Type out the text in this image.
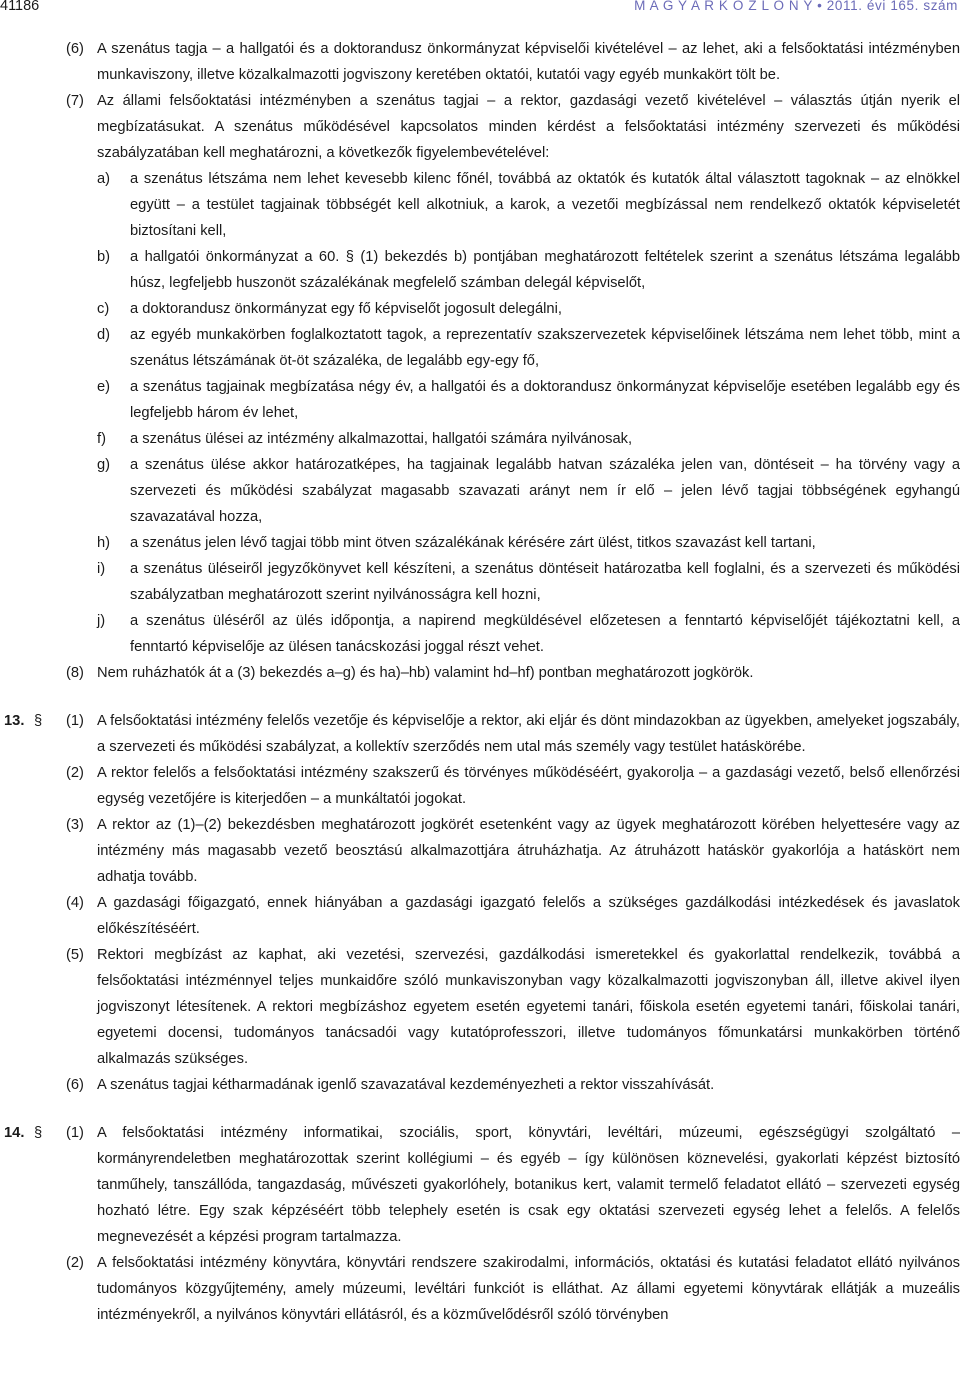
41186	M A G Y A R K Ö Z L Ö N Y • 2011. évi 165. szám
(6) A szenátus tagja – a hallgatói és a doktorandusz önkormányzat képviselői kivételével – az lehet, aki a felsőoktatási intézményben munkaviszony, illetve közalkalmazotti jogviszony keretében oktatói, kutatói vagy egyéb munkakört tölt be.
(7) Az állami felsőoktatási intézményben a szenátus tagjai – a rektor, gazdasági vezető kivételével – választás útján nyerik el megbízatásukat. A szenátus működésével kapcsolatos minden kérdést a felsőoktatási intézmény szervezeti és működési szabályzatában kell meghatározni, a következők figyelembevételével:
a) a szenátus létszáma nem lehet kevesebb kilenc főnél, továbbá az oktatók és kutatók által választott tagoknak – az elnökkel együtt – a testület tagjainak többségét kell alkotniuk, a karok, a vezetői megbízással nem rendelkező oktatók képviseletét biztosítani kell,
b) a hallgatói önkormányzat a 60. § (1) bekezdés b) pontjában meghatározott feltételek szerint a szenátus létszáma legalább húsz, legfeljebb huszonöt százalékának megfelelő számban delegál képviselőt,
c) a doktorandusz önkormányzat egy fő képviselőt jogosult delegálni,
d) az egyéb munkakörben foglalkoztatott tagok, a reprezentatív szakszervezetek képviselőinek létszáma nem lehet több, mint a szenátus létszámának öt-öt százaléka, de legalább egy-egy fő,
e) a szenátus tagjainak megbízatása négy év, a hallgatói és a doktorandusz önkormányzat képviselője esetében legalább egy és legfeljebb három év lehet,
f) a szenátus ülései az intézmény alkalmazottai, hallgatói számára nyilvánosak,
g) a szenátus ülése akkor határozatképes, ha tagjainak legalább hatvan százaléka jelen van, döntéseit – ha törvény vagy a szervezeti és működési szabályzat magasabb szavazati arányt nem ír elő – jelen lévő tagjai többségének egyhangú szavazatával hozza,
h) a szenátus jelen lévő tagjai több mint ötven százalékának kérésére zárt ülést, titkos szavazást kell tartani,
i) a szenátus üléseiről jegyzőkönyvet kell készíteni, a szenátus döntéseit határozatba kell foglalni, és a szervezeti és működési szabályzatban meghatározott szerint nyilvánosságra kell hozni,
j) a szenátus üléséről az ülés időpontja, a napirend megküldésével előzetesen a fenntartó képviselőjét tájékoztatni kell, a fenntartó képviselője az ülésen tanácskozási joggal részt vehet.
(8) Nem ruházhatók át a (3) bekezdés a–g) és ha)–hb) valamint hd–hf) pontban meghatározott jogkörök.
13. § (1) A felsőoktatási intézmény felelős vezetője és képviselője a rektor, aki eljár és dönt mindazokban az ügyekben, amelyeket jogszabály, a szervezeti és működési szabályzat, a kollektív szerződés nem utal más személy vagy testület hatáskörébe.
(2) A rektor felelős a felsőoktatási intézmény szakszerű és törvényes működéséért, gyakorolja – a gazdasági vezető, belső ellenőrzési egység vezetőjére is kiterjedően – a munkáltatói jogokat.
(3) A rektor az (1)–(2) bekezdésben meghatározott jogkörét esetenként vagy az ügyek meghatározott körében helyettesére vagy az intézmény más magasabb vezető beosztású alkalmazottjára átruházhatja. Az átruházott hatáskör gyakorlója a hatáskört nem adhatja tovább.
(4) A gazdasági főigazgató, ennek hiányában a gazdasági igazgató felelős a szükséges gazdálkodási intézkedések és javaslatok előkészítéséért.
(5) Rektori megbízást az kaphat, aki vezetési, szervezési, gazdálkodási ismeretekkel és gyakorlattal rendelkezik, továbbá a felsőoktatási intézménnyel teljes munkaidőre szóló munkaviszonyban vagy közalkalmazotti jogviszonyban áll, illetve akivel ilyen jogviszonyt létesítenek. A rektori megbízáshoz egyetem esetén egyetemi tanári, főiskola esetén egyetemi tanári, főiskolai tanári, egyetemi docensi, tudományos tanácsadói vagy kutatóprofesszori, illetve tudományos főmunkatársi munkakörben történő alkalmazás szükséges.
(6) A szenátus tagjai kétharmadának igenlő szavazatával kezdeményezheti a rektor visszahívását.
14. § (1) A felsőoktatási intézmény informatikai, szociális, sport, könyvtári, levéltári, múzeumi, egészségügyi szolgáltató – kormányrendeletben meghatározottak szerint kollégiumi – és egyéb – így különösen köznevelési, gyakorlati képzést biztosító tanműhely, tanszállóda, tangazdaság, művészeti gyakorlóhely, botanikus kert, valamit termelő feladatot ellátó – szervezeti egység hozható létre. Egy szak képzéséért több telephely esetén is csak egy oktatási szervezeti egység lehet a felelős. A felelős megnevezését a képzési program tartalmazza.
(2) A felsőoktatási intézmény könyvtára, könyvtári rendszere szakirodalmi, információs, oktatási és kutatási feladatot ellátó nyilvános tudományos közgyűjtemény, amely múzeumi, levéltári funkciót is elláthat. Az állami egyetemi könyvtárak ellátják a muzeális intézményekről, a nyilvános könyvtári ellátásról, és a közművelődésről szóló törvényben
